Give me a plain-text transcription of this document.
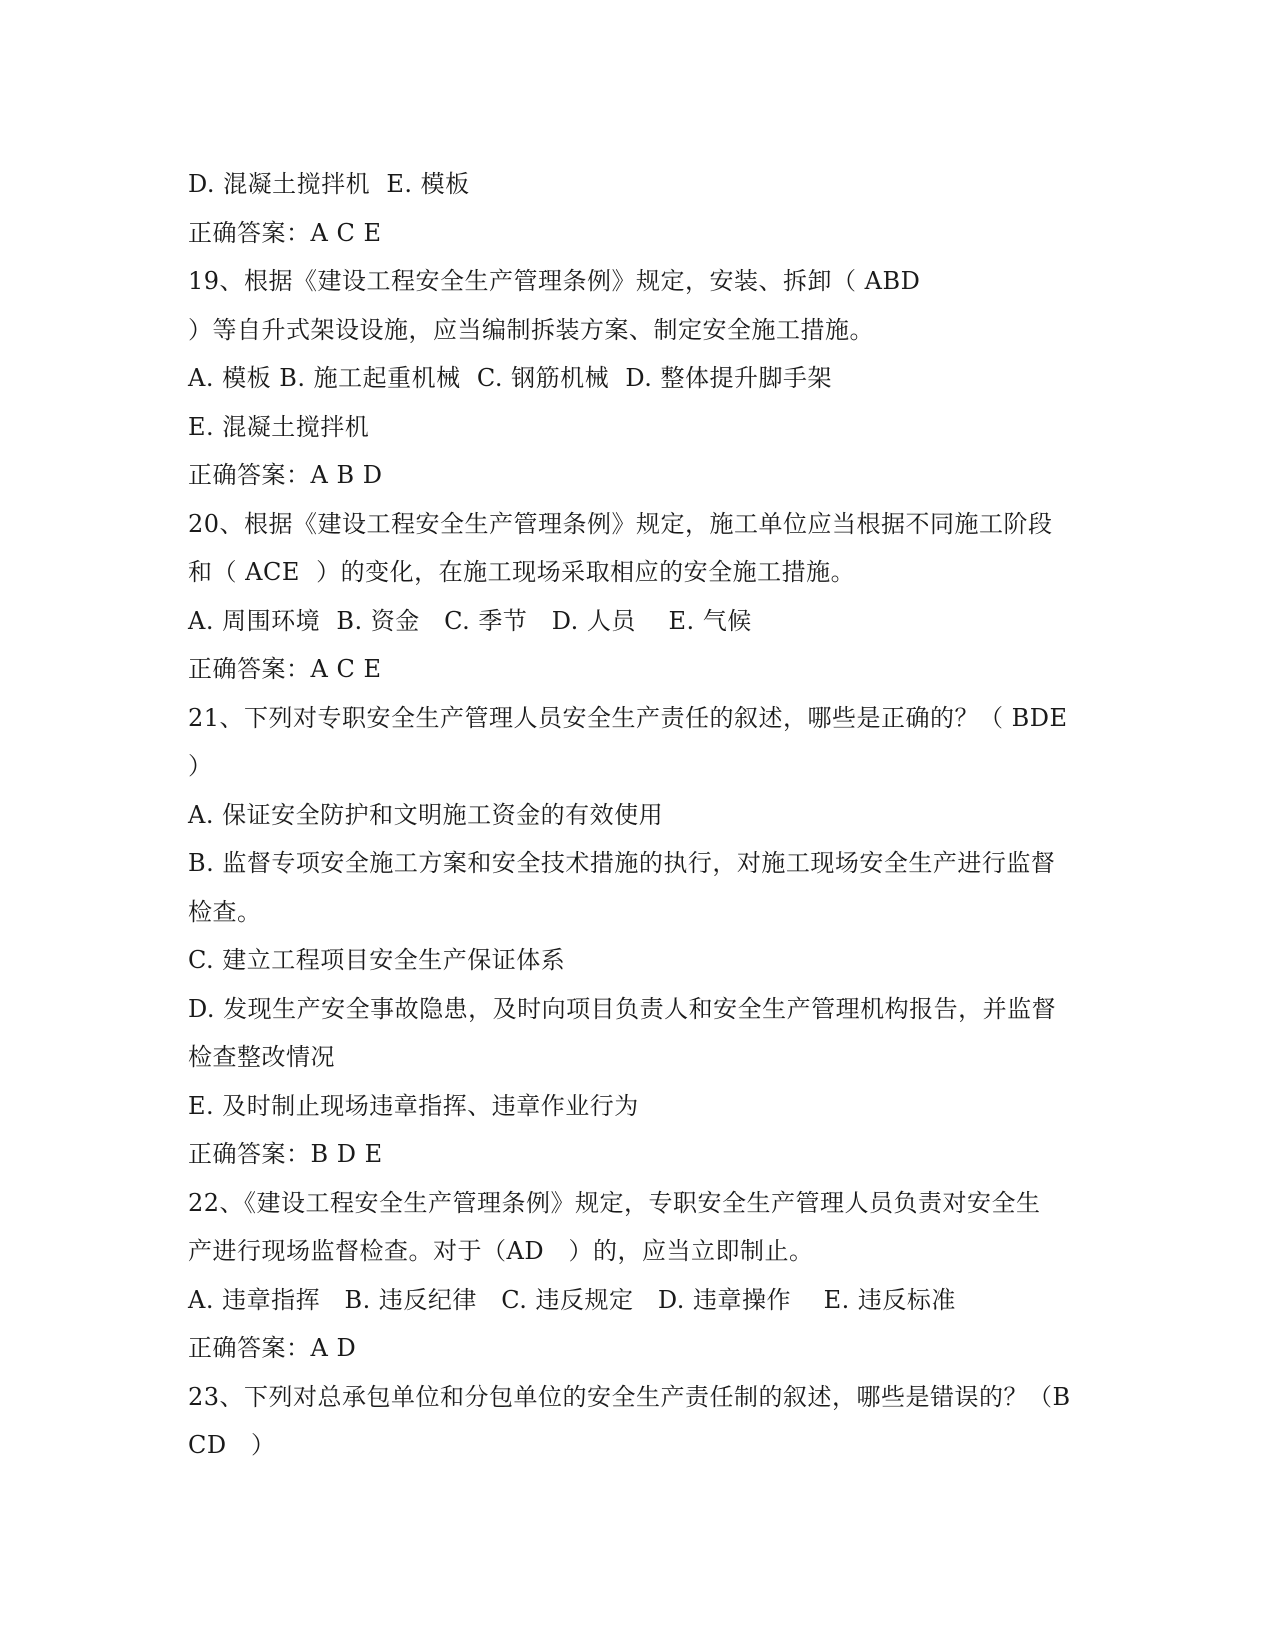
D. 混凝土搅拌机  E. 模板
正确答案：A C E
19、根据《建设工程安全生产管理条例》规定，安装、拆卸（ ABD
）等自升式架设设施，应当编制拆装方案、制定安全施工措施。
A. 模板 B. 施工起重机械  C. 钢筋机械  D. 整体提升脚手架
E. 混凝土搅拌机
正确答案：A B D
20、根据《建设工程安全生产管理条例》规定，施工单位应当根据不同施工阶段
和（ ACE  ）的变化，在施工现场采取相应的安全施工措施。
A. 周围环境  B. 资金   C. 季节   D. 人员    E. 气候
正确答案：A C E
21、下列对专职安全生产管理人员安全生产责任的叙述，哪些是正确的？（ BDE
）
A. 保证安全防护和文明施工资金的有效使用
B. 监督专项安全施工方案和安全技术措施的执行，对施工现场安全生产进行监督
检查。
C. 建立工程项目安全生产保证体系
D. 发现生产安全事故隐患，及时向项目负责人和安全生产管理机构报告，并监督
检查整改情况
E. 及时制止现场违章指挥、违章作业行为
正确答案：B D E
22、《建设工程安全生产管理条例》规定，专职安全生产管理人员负责对安全生
产进行现场监督检查。对于（AD   ）的，应当立即制止。
A. 违章指挥   B. 违反纪律   C. 违反规定   D. 违章操作    E. 违反标准
正确答案：A D
23、下列对总承包单位和分包单位的安全生产责任制的叙述，哪些是错误的？（B
CD   ）
